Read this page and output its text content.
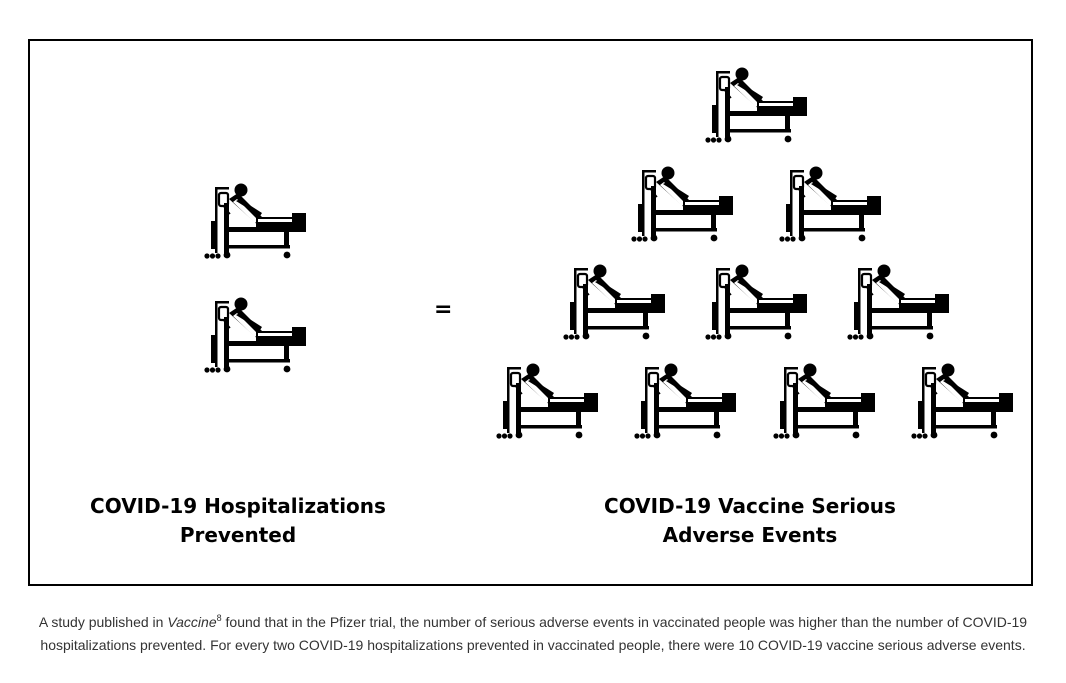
=
COVID-19 Hospitalizations
Prevented
COVID-19 Vaccine Serious
Adverse Events
A study published in Vaccine$^8$ found that in the Pfizer trial, the number of serious adverse events in vaccinated people was higher than the number of COVID-19
hospitalizations prevented. For every two COVID-19 hospitalizations prevented in vaccinated people, there were 10 COVID-19 vaccine serious adverse events.
